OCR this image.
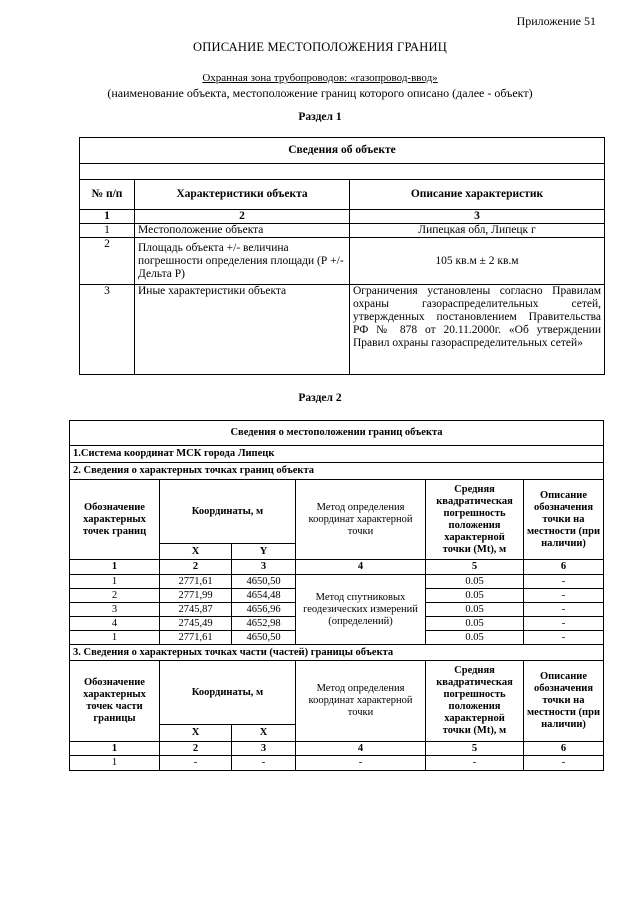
Приложение 51
ОПИСАНИЕ МЕСТОПОЛОЖЕНИЯ ГРАНИЦ
Охранная зона трубопроводов: «газопровод-ввод»
(наименование объекта, местоположение границ которого описано (далее - объект)
Раздел 1
Сведения об объекте		

№ п/п	Характеристики объекта	Описание характеристик
1	2	3
1	Местоположение объекта	Липецкая обл, Липецк г
2	Площадь объекта +/- величина погрешности определения площади (Р +/- Дельта Р)	105 кв.м ± 2 кв.м
3	Иные характеристики объекта	Ограничения установлены согласно Правилам охраны газораспределительных сетей, утвержденных постановлением Правительства РФ № 878 от 20.11.2000г. «Об утверждении Правил охраны газораспределительных сетей»
Раздел 2
Сведения о местоположении границ объекта					
1.Система координат МСК города Липецк					
2. Сведения о характерных точках границ объекта					
Обозначение характерных точек границ	Координаты, м		Метод определения координат характерной точки	Средняя квадратическая погрешность положения характерной точки (Mt), м	Описание обозначения точки на местности (при наличии)
	X	Y			
1	2	3	4	5	6
1	2771,61	4650,50	Метод спутниковых геодезических измерений (определений)	0.05	-
2	2771,99	4654,48		0.05	-
3	2745,87	4656,96		0.05	-
4	2745,49	4652,98		0.05	-
1	2771,61	4650,50		0.05	-
3. Сведения о характерных точках части (частей) границы объекта					
Обозначение характерных точек части границы	Координаты, м		Метод определения координат характерной точки	Средняя квадратическая погрешность положения характерной точки (Mt), м	Описание обозначения точки на местности (при наличии)
	X	X			
1	2	3	4	5	6
1	-	-	-	-	-
